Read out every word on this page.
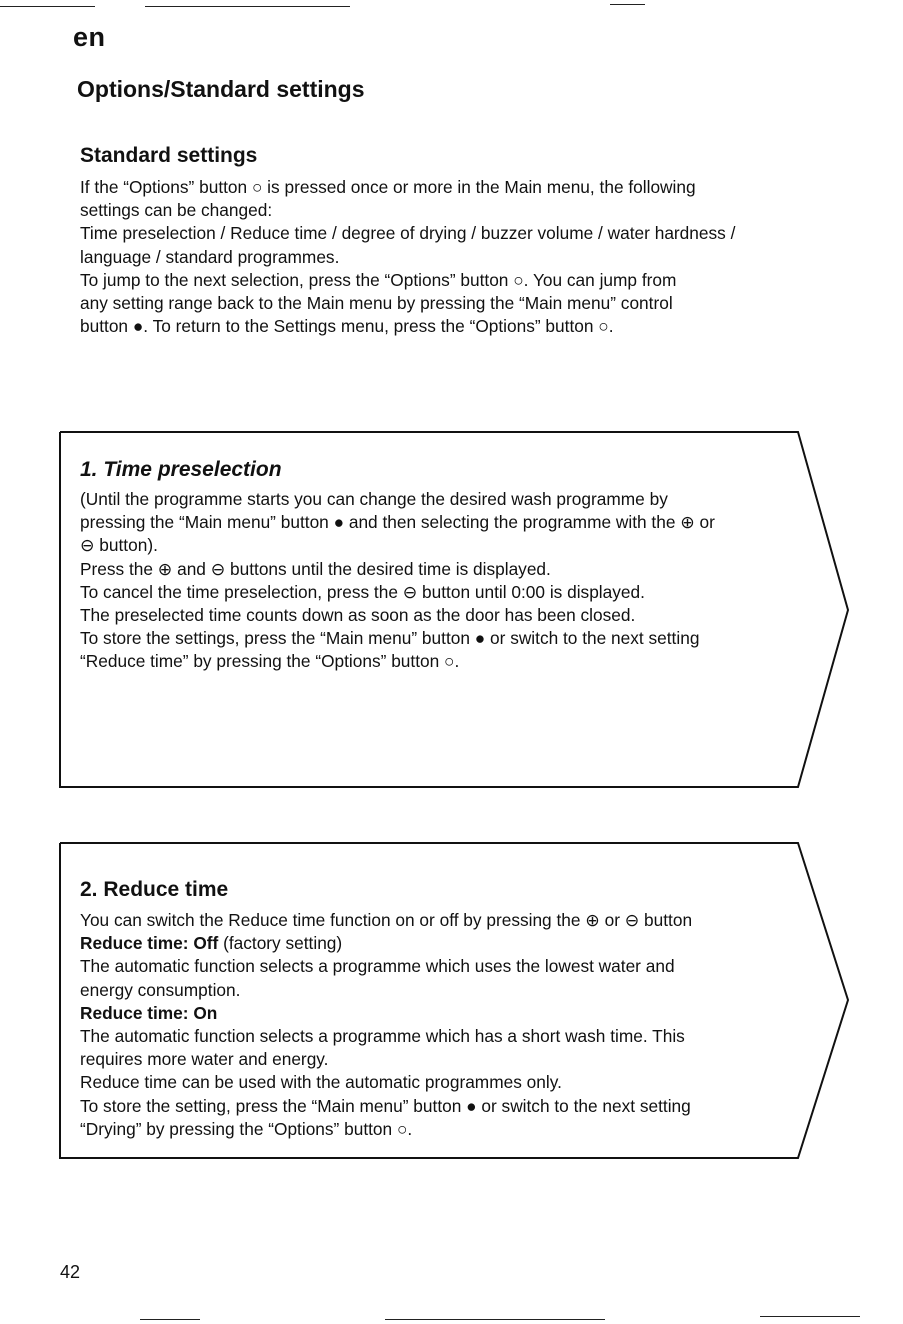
en
Options/Standard settings
Standard settings

If the “Options” button ○ is pressed once or more in the Main menu, the following

settings can be changed:

Time preselection / Reduce time / degree of drying / buzzer volume / water hardness /

language / standard programmes.

To jump to the next selection, press the “Options” button ○. You can jump from

any setting range back to the Main menu by pressing the “Main menu” control

button ●. To return to the Settings menu, press the “Options” button ○.

1. Time preselection

(Until the programme starts you can change the desired wash programme by

pressing the “Main menu” button ● and then selecting the programme with the ⊕ or

⊖ button).

Press the ⊕ and ⊖ buttons until the desired time is displayed.

To cancel the time preselection, press the ⊖ button until 0:00 is displayed.

The preselected time counts down as soon as the door has been closed.

To store the settings, press the “Main menu” button ● or switch to the next setting

“Reduce time” by pressing the “Options” button ○.

2. Reduce time

You can switch the Reduce time function on or off by pressing the ⊕ or ⊖ button

Reduce time: Off (factory setting)

The automatic function selects a programme which uses the lowest water and

energy consumption.

Reduce time: On

The automatic function selects a programme which has a short wash time. This

requires more water and energy.

Reduce time can be used with the automatic programmes only.

To store the setting, press the “Main menu” button ● or switch to the next setting

“Drying” by pressing the “Options” button ○.

42
